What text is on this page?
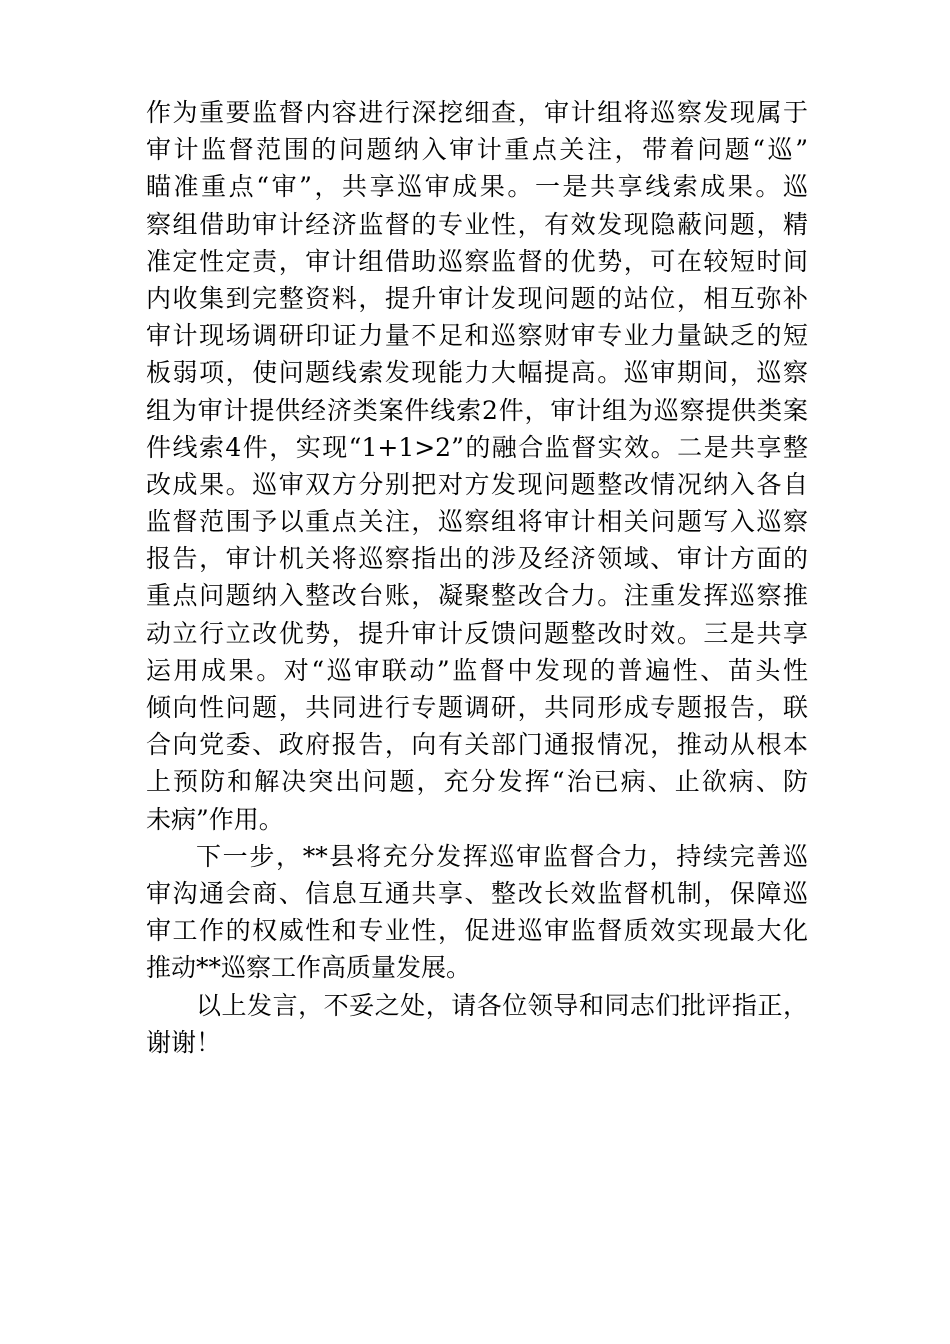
作为重要监督内容进行深挖细查，审计组将巡察发现属于
审计监督范围的问题纳入审计重点关注，带着问题“巡”
瞄准重点“审”，共享巡审成果。一是共享线索成果。巡
察组借助审计经济监督的专业性，有效发现隐蔽问题，精
准定性定责，审计组借助巡察监督的优势，可在较短时间
内收集到完整资料，提升审计发现问题的站位，相互弥补
审计现场调研印证力量不足和巡察财审专业力量缺乏的短
板弱项，使问题线索发现能力大幅提高。巡审期间，巡察
组为审计提供经济类案件线索2件，审计组为巡察提供类案
件线索4件，实现“1+1>2”的融合监督实效。二是共享整
改成果。巡审双方分别把对方发现问题整改情况纳入各自
监督范围予以重点关注，巡察组将审计相关问题写入巡察
报告，审计机关将巡察指出的涉及经济领域、审计方面的
重点问题纳入整改台账，凝聚整改合力。注重发挥巡察推
动立行立改优势，提升审计反馈问题整改时效。三是共享
运用成果。对“巡审联动”监督中发现的普遍性、苗头性
倾向性问题，共同进行专题调研，共同形成专题报告，联
合向党委、政府报告，向有关部门通报情况，推动从根本
上预防和解决突出问题，充分发挥“治已病、止欲病、防
未病”作用。
下一步，**县将充分发挥巡审监督合力，持续完善巡
审沟通会商、信息互通共享、整改长效监督机制，保障巡
审工作的权威性和专业性，促进巡审监督质效实现最大化
推动**巡察工作高质量发展。
以上发言，不妥之处，请各位领导和同志们批评指正，
谢谢！
